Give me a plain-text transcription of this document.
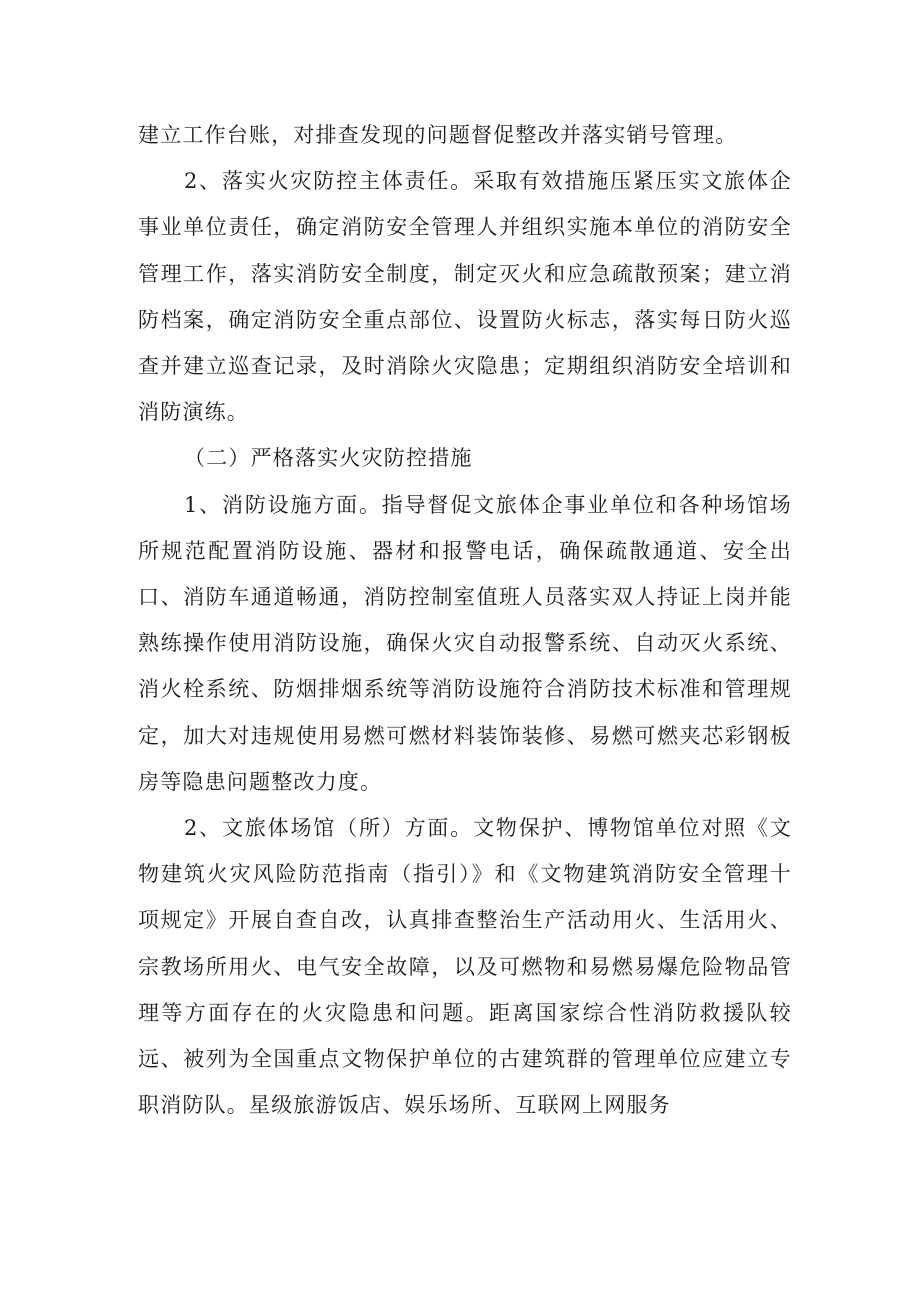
建立工作台账，对排查发现的问题督促整改并落实销号管理。

2、落实火灾防控主体责任。采取有效措施压紧压实文旅体企事业单位责任，确定消防安全管理人并组织实施本单位的消防安全管理工作，落实消防安全制度，制定灭火和应急疏散预案；建立消防档案，确定消防安全重点部位、设置防火标志，落实每日防火巡查并建立巡查记录，及时消除火灾隐患；定期组织消防安全培训和消防演练。

（二）严格落实火灾防控措施

1、消防设施方面。指导督促文旅体企事业单位和各种场馆场所规范配置消防设施、器材和报警电话，确保疏散通道、安全出口、消防车通道畅通，消防控制室值班人员落实双人持证上岗并能熟练操作使用消防设施，确保火灾自动报警系统、自动灭火系统、消火栓系统、防烟排烟系统等消防设施符合消防技术标准和管理规定，加大对违规使用易燃可燃材料装饰装修、易燃可燃夹芯彩钢板房等隐患问题整改力度。

2、文旅体场馆（所）方面。文物保护、博物馆单位对照《文物建筑火灾风险防范指南（指引）》和《文物建筑消防安全管理十项规定》开展自查自改，认真排查整治生产活动用火、生活用火、宗教场所用火、电气安全故障，以及可燃物和易燃易爆危险物品管理等方面存在的火灾隐患和问题。距离国家综合性消防救援队较远、被列为全国重点文物保护单位的古建筑群的管理单位应建立专职消防队。星级旅游饭店、娱乐场所、互联网上网服务
